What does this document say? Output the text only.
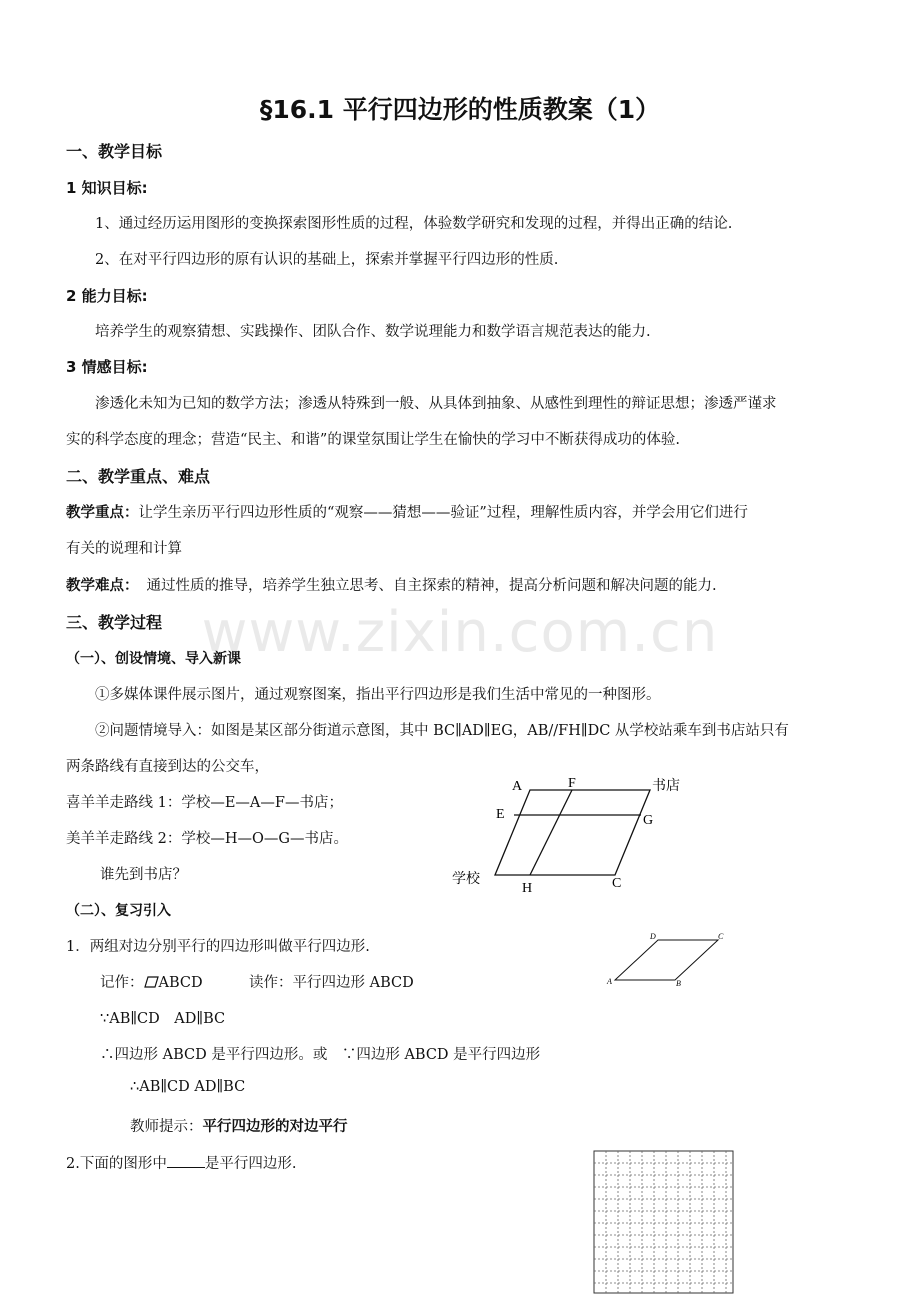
www.zixin.com.cn
§16.1 平行四边形的性质教案（1）
一、教学目标
1 知识目标:
1、通过经历运用图形的变换探索图形性质的过程，体验数学研究和发现的过程，并得出正确的结论.
2、在对平行四边形的原有认识的基础上，探索并掌握平行四边形的性质.
2 能力目标:
培养学生的观察猜想、实践操作、团队合作、数学说理能力和数学语言规范表达的能力.
3 情感目标:
渗透化未知为已知的数学方法；渗透从特殊到一般、从具体到抽象、从感性到理性的辩证思想；渗透严谨求
实的科学态度的理念；营造“民主、和谐”的课堂氛围让学生在愉快的学习中不断获得成功的体验.
二、教学重点、难点
教学重点：让学生亲历平行四边形性质的“观察——猜想——验证”过程，理解性质内容，并学会用它们进行
有关的说理和计算
教学难点： 通过性质的推导，培养学生独立思考、自主探索的精神，提高分析问题和解决问题的能力.
三、教学过程
（一）、创设情境、导入新课
①多媒体课件展示图片，通过观察图案，指出平行四边形是我们生活中常见的一种图形。
②问题情境导入：如图是某区部分街道示意图，其中 BC∥AD∥EG，AB//FH∥DC 从学校站乘车到书店站只有
两条路线有直接到达的公交车，
喜羊羊走路线 1：学校—E—A—F—书店；
美羊羊走路线 2：学校—H—O—G—书店。
谁先到书店？
A	F	书店
E	G
学校
H	C
（二）、复习引入
1．两组对边分别平行的四边形叫做平行四边形.
记作： ABCD	读作：平行四边形 ABCD
∵AB∥CD　AD∥BC
∴四边形 ABCD 是平行四边形。或　∵四边形 ABCD 是平行四边形
∴AB∥CD AD∥BC
教师提示：平行四边形的对边平行
2.下面的图形中	是平行四边形.
D	C
A	B
